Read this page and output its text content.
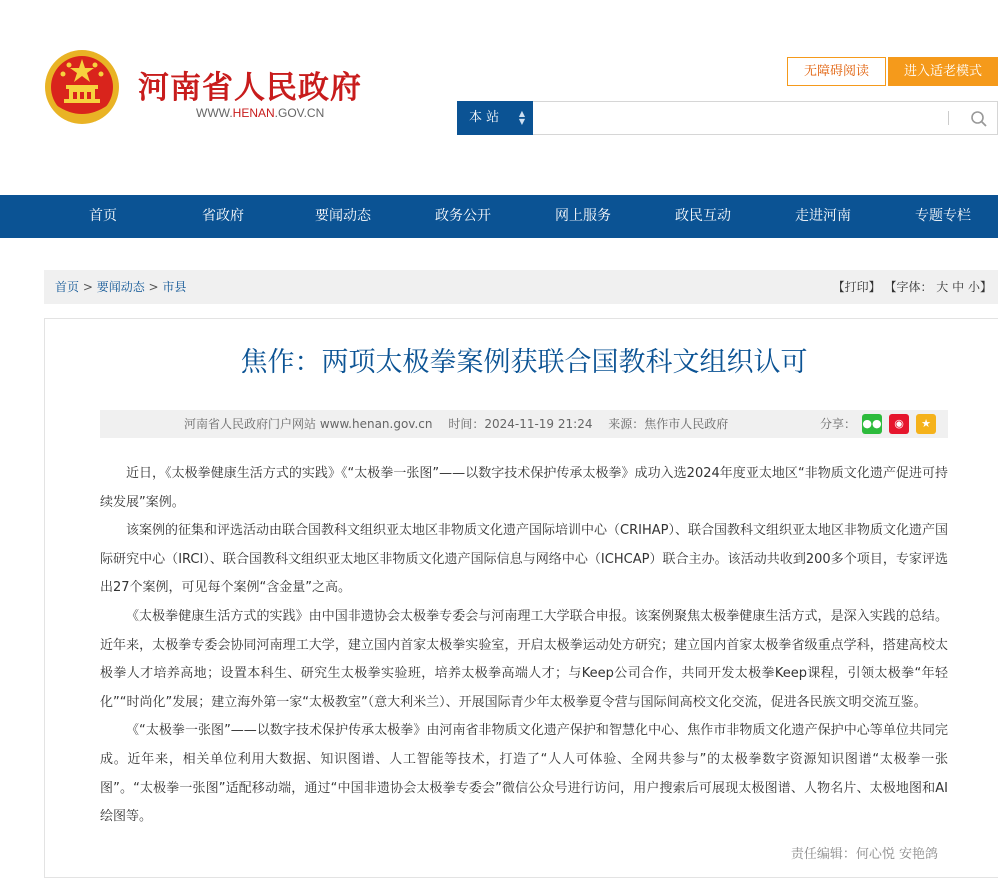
河南省人民政府
WWW.HENAN.GOV.CN
无障碍阅读	进入适老模式
本 站 ▲
▼
首页	省政府	要闻动态	政务公开	网上服务	政民互动	走进河南	专题专栏
首页 > 要闻动态 > 市县	【打印】 【字体： 大 中 小】
焦作：两项太极拳案例获联合国教科文组织认可
河南省人民政府门户网站 www.henan.gov.cn 时间：2024-11-19 21:24 来源：焦作市人民政府	分享： ●●	◉	★

近日，《太极拳健康生活方式的实践》《“太极拳一张图”——以数字技术保护传承太极拳》成功入选2024年度亚太地区“非物质文化遗产促进可持续发展”案例。

该案例的征集和评选活动由联合国教科文组织亚太地区非物质文化遗产国际培训中心（CRIHAP）、联合国教科文组织亚太地区非物质文化遗产国际研究中心（IRCI）、联合国教科文组织亚太地区非物质文化遗产国际信息与网络中心（ICHCAP）联合主办。该活动共收到200多个项目，专家评选出27个案例，可见每个案例“含金量”之高。

《太极拳健康生活方式的实践》由中国非遗协会太极拳专委会与河南理工大学联合申报。该案例聚焦太极拳健康生活方式，是深入实践的总结。近年来，太极拳专委会协同河南理工大学，建立国内首家太极拳实验室，开启太极拳运动处方研究；建立国内首家太极拳省级重点学科，搭建高校太极拳人才培养高地；设置本科生、研究生太极拳实验班，培养太极拳高端人才；与Keep公司合作，共同开发太极拳Keep课程，引领太极拳“年轻化”“时尚化”发展；建立海外第一家“太极教室”（意大利米兰）、开展国际青少年太极拳夏令营与国际间高校文化交流，促进各民族文明交流互鉴。

《“太极拳一张图”——以数字技术保护传承太极拳》由河南省非物质文化遗产保护和智慧化中心、焦作市非物质文化遗产保护中心等单位共同完成。近年来，相关单位利用大数据、知识图谱、人工智能等技术，打造了“人人可体验、全网共参与”的太极拳数字资源知识图谱“太极拳一张图”。“太极拳一张图”适配移动端，通过“中国非遗协会太极拳专委会”微信公众号进行访问，用户搜索后可展现太极图谱、人物名片、太极地图和AI绘图等。

责任编辑：何心悦 安艳鸽
